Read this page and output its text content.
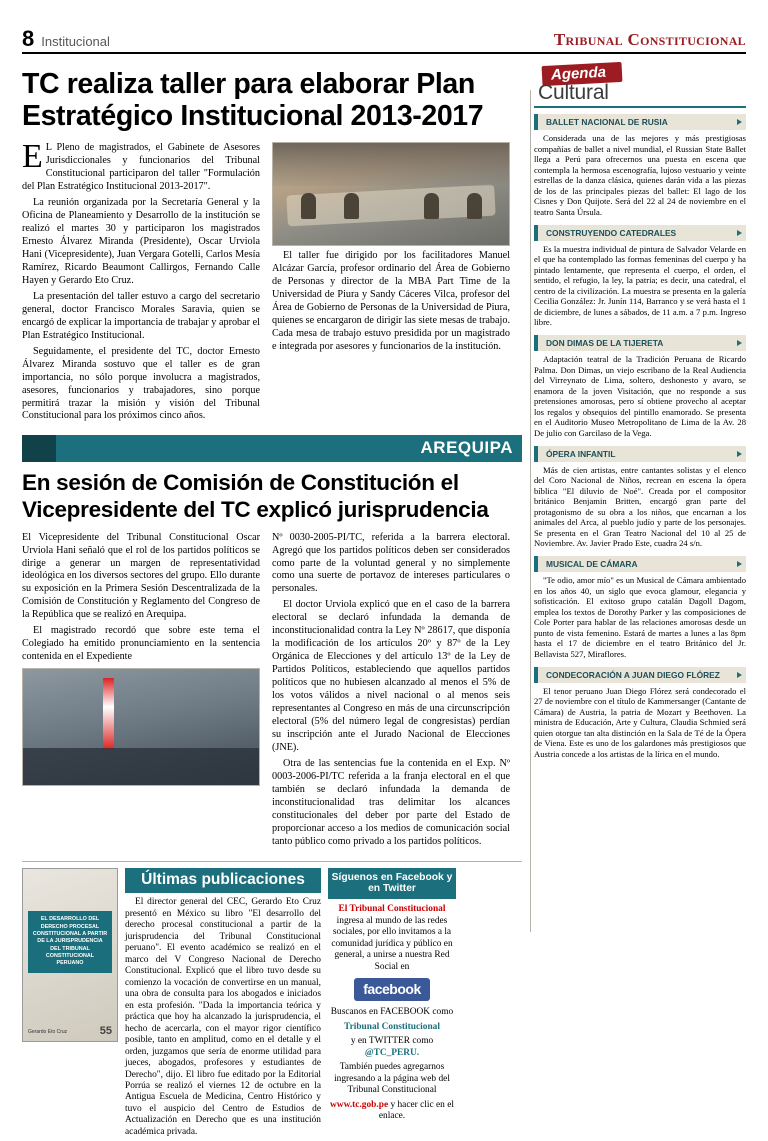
8 Institucional	Tribunal Constitucional
TC realiza taller para elaborar Plan Estratégico Institucional 2013-2017

EL Pleno de magistrados, el Gabinete de Asesores Jurisdiccionales y funcionarios del Tribunal Constitucional participaron del taller "Formulación del Plan Estratégico Institucional 2013-2017".

La reunión organizada por la Secretaría General y la Oficina de Planeamiento y Desarrollo de la institución se realizó el martes 30 y participaron los magistrados Ernesto Álvarez Miranda (Presidente), Oscar Urviola Hani (Vicepresidente), Juan Vergara Gotelli, Carlos Mesía Ramírez, Ricardo Beaumont Callirgos, Fernando Calle Hayen y Gerardo Eto Cruz.

La presentación del taller estuvo a cargo del secretario general, doctor Francisco Morales Saravia, quien se encargó de explicar la importancia de trabajar y aprobar el Plan Estratégico Institucional.

Seguidamente, el presidente del TC, doctor Ernesto Álvarez Miranda sostuvo que el taller es de gran importancia, no sólo porque involucra a magistrados, asesores, funcionarios y trabajadores, sino porque permitirá trazar la misión y visión del Tribunal Constitucional para los próximos cinco años.

El taller fue dirigido por los facilitadores Manuel Alcázar García, profesor ordinario del Área de Gobierno de Personas y director de la MBA Part Time de la Universidad de Piura y Sandy Cáceres Vilca, profesor del Área de Gobierno de Personas de la Universidad de Piura, quienes se encargaron de dirigir las siete mesas de trabajo. Cada mesa de trabajo estuvo presidida por un magistrado e integrada por asesores y funcionarios de la institución.

AREQUIPA
En sesión de Comisión de Constitución el Vicepresidente del TC explicó jurisprudencia

El Vicepresidente del Tribunal Constitucional Oscar Urviola Hani señaló que el rol de los partidos políticos se dirige a generar un margen de representatividad ideológica en los diversos sectores del grupo. Ello durante su exposición en la Primera Sesión Descentralizada de la Comisión de Constitución y Reglamento del Congreso de la República que se realizó en Arequipa.

El magistrado recordó que sobre este tema el Colegiado ha emitido pronunciamiento en la sentencia contenida en el Expediente

Nº 0030-2005-PI/TC, referida a la barrera electoral. Agregó que los partidos políticos deben ser considerados como parte de la voluntad general y no simplemente como una suerte de portavoz de intereses particulares o personales.

El doctor Urviola explicó que en el caso de la barrera electoral se declaró infundada la demanda de inconstitucionalidad contra la Ley Nº 28617, que disponía la modificación de los artículos 20º y 87º de la Ley Orgánica de Elecciones y del artículo 13º de la Ley de Partidos Políticos, estableciendo que aquellos partidos políticos que no hubiesen alcanzado al menos el 5% de los votos válidos a nivel nacional o al menos seis representantes al Congreso en más de una circunscripción electoral (5% del número legal de congresistas) perdían su inscripción ante el Jurado Nacional de Elecciones (JNE).

Otra de las sentencias fue la contenida en el Exp. Nº 0003-2006-PI/TC referida a la franja electoral en el que también se declaró infundada la demanda de inconstitucionalidad tras delimitar los alcances constitucionales del deber por parte del Estado de proporcionar acceso a los medios de comunicación social tanto público como privado a los partidos políticos.

EL DESARROLLO DEL DERECHO PROCESAL CONSTITUCIONAL A PARTIR DE LA JURISPRUDENCIA DEL TRIBUNAL CONSTITUCIONAL PERUANO
Gerardo Eto Cruz	55
Últimas publicaciones

El director general del CEC, Gerardo Eto Cruz presentó en México su libro "El desarrollo del derecho procesal constitucional a partir de la jurisprudencia del Tribunal Constitucional peruano". El evento académico se realizó en el marco del V Congreso Nacional de Derecho Constitucional. Explicó que el libro tuvo desde su comienzo la vocación de convertirse en un manual, una obra de consulta para los abogados e iniciados en esta profesión. "Dada la importancia teórica y práctica que hoy ha alcanzado la jurisprudencia, el hecho de acercarla, con el mayor rigor científico posible, tanto en amplitud, como en el detalle y el orden, juzgamos que sería de enorme utilidad para jueces, abogados, profesores y estudiantes de Derecho", dijo. El libro fue editado por la Editorial Porrúa se realizó el viernes 12 de octubre en la Antigua Escuela de Medicina, Centro Histórico y tuvo el auspicio del Centro de Estudios de Actualización en Derecho que es una institución académica privada.

Síguenos en Facebook y en Twitter

El Tribunal Constitucional ingresa al mundo de las redes sociales, por ello invitamos a la comunidad jurídica y público en general, a unirse a nuestra Red Social en

facebook

Buscanos en FACEBOOK como

Tribunal Constitucional

y en TWITTER como @TC_PERU.

También puedes agregarnos ingresando a la página web del Tribunal Constitucional

www.tc.gob.pe y hacer clic en el enlace.

Agenda
Cultural
BALLET NACIONAL DE RUSIA

Considerada una de las mejores y más prestigiosas compañías de ballet a nivel mundial, el Russian State Ballet llega a Perú para ofrecernos una puesta en escena que contempla la hermosa escenografía, lujoso vestuario y veinte estrellas de la danza clásica, quienes darán vida a las piezas de los de las principales piezas del ballet: El lago de los Cisnes y Don Quijote. Será del 22 al 24 de noviembre en el teatro Santa Úrsula.

CONSTRUYENDO CATEDRALES

Es la muestra individual de pintura de Salvador Velarde en el que ha contemplado las formas femeninas del cuerpo y ha pintado lentamente, que representa el cuerpo, el orden, el sentido, el refugio, la ley, la patria; es decir, una catedral, el centro de la civilización. La muestra se presenta en la galería Cecilia González: Jr. Junín 114, Barranco y se verá hasta el 1 de diciembre, de lunes a sábados, de 11 a.m. a 7 p.m. Ingreso libre.

DON DIMAS DE LA TIJERETA

Adaptación teatral de la Tradición Peruana de Ricardo Palma. Don Dimas, un viejo escribano de la Real Audiencia del Virreynato de Lima, soltero, deshonesto y avaro, se enamora de la joven Visitación, que no responde a sus pretensiones amorosas, pero sí obtiene provecho al aceptar los regalos y obsequios del pintillo enamorado. Se presenta en el Auditorio Museo Metropolitano de Lima de la Av. 28 De julio con Garcilaso de la Vega.

ÓPERA INFANTIL

Más de cien artistas, entre cantantes solistas y el elenco del Coro Nacional de Niños, recrean en escena la ópera bíblica "El diluvio de Noé". Creada por el compositor británico Benjamin Britten, encargó gran parte del protagonismo de su obra a los niños, que encarnan a los animales del Arca, al pueblo judío y parte de los personajes. Se presenta en el Gran Teatro Nacional del 10 al 25 de Noviembre. Av. Javier Prado Este, cuadra 24 s/n.

MUSICAL DE CÁMARA

"Te odio, amor mío" es un Musical de Cámara ambientado en los años 40, un siglo que evoca glamour, elegancia y sofisticación. El exitoso grupo catalán Dagoll Dagom, emplea los textos de Dorothy Parker y las composiciones de Cole Porter para hablar de las relaciones amorosas desde un punto de vista femenino. Estará de martes a lunes a las 8pm hasta el 17 de diciembre en el teatro Británico del Jr. Bellavista 527, Miraflores.

CONDECORACIÓN A JUAN DIEGO FLÓREZ

El tenor peruano Juan Diego Flórez será condecorado el 27 de noviembre con el título de Kammersanger (Cantante de Cámara) de Austria, la patria de Mozart y Beethoven. La ministra de Educación, Arte y Cultura, Claudia Schmied será quien otorgue tan alta distinción en la Sala de Té de la Ópera de Viena. Este es uno de los galardones más prestigiosos que Austria concede a los artistas de la lírica en el mundo.
